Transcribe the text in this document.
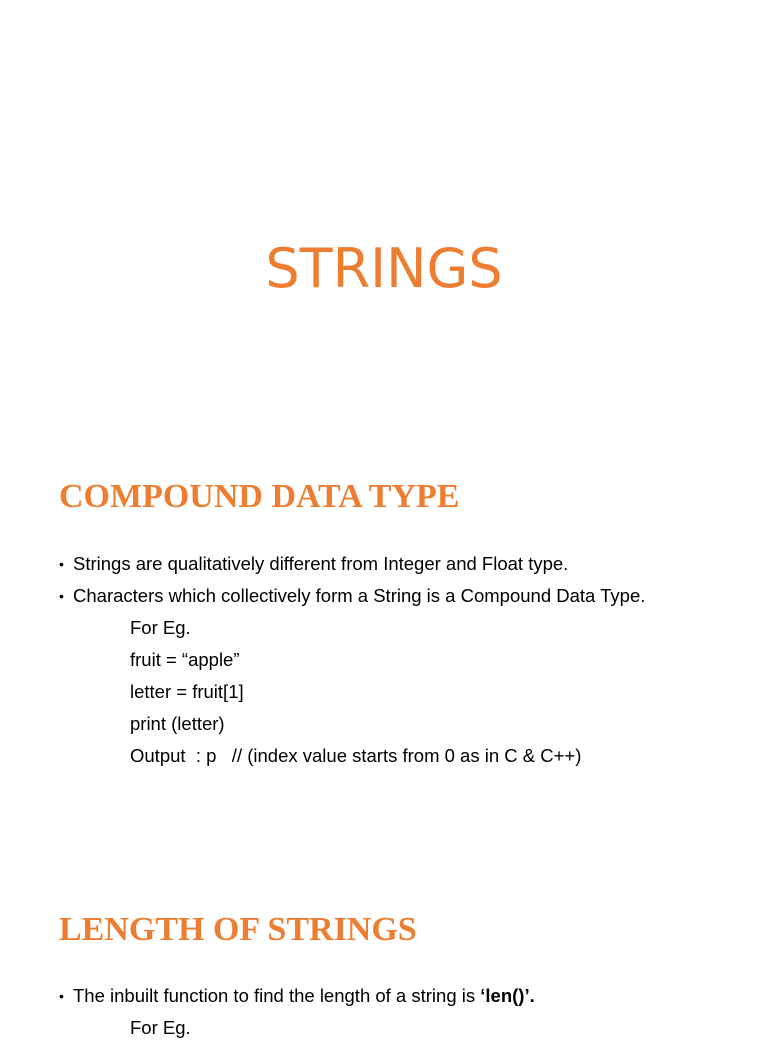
STRINGS
COMPOUND DATA TYPE
• Strings are qualitatively different from Integer and Float type.
• Characters which collectively form a String is a Compound Data Type.
For Eg.
fruit = “apple”
letter = fruit[1]
print (letter)
Output  : p   // (index value starts from 0 as in C & C++)
LENGTH OF STRINGS
• The inbuilt function to find the length of a string is ‘len()’.
For Eg.
